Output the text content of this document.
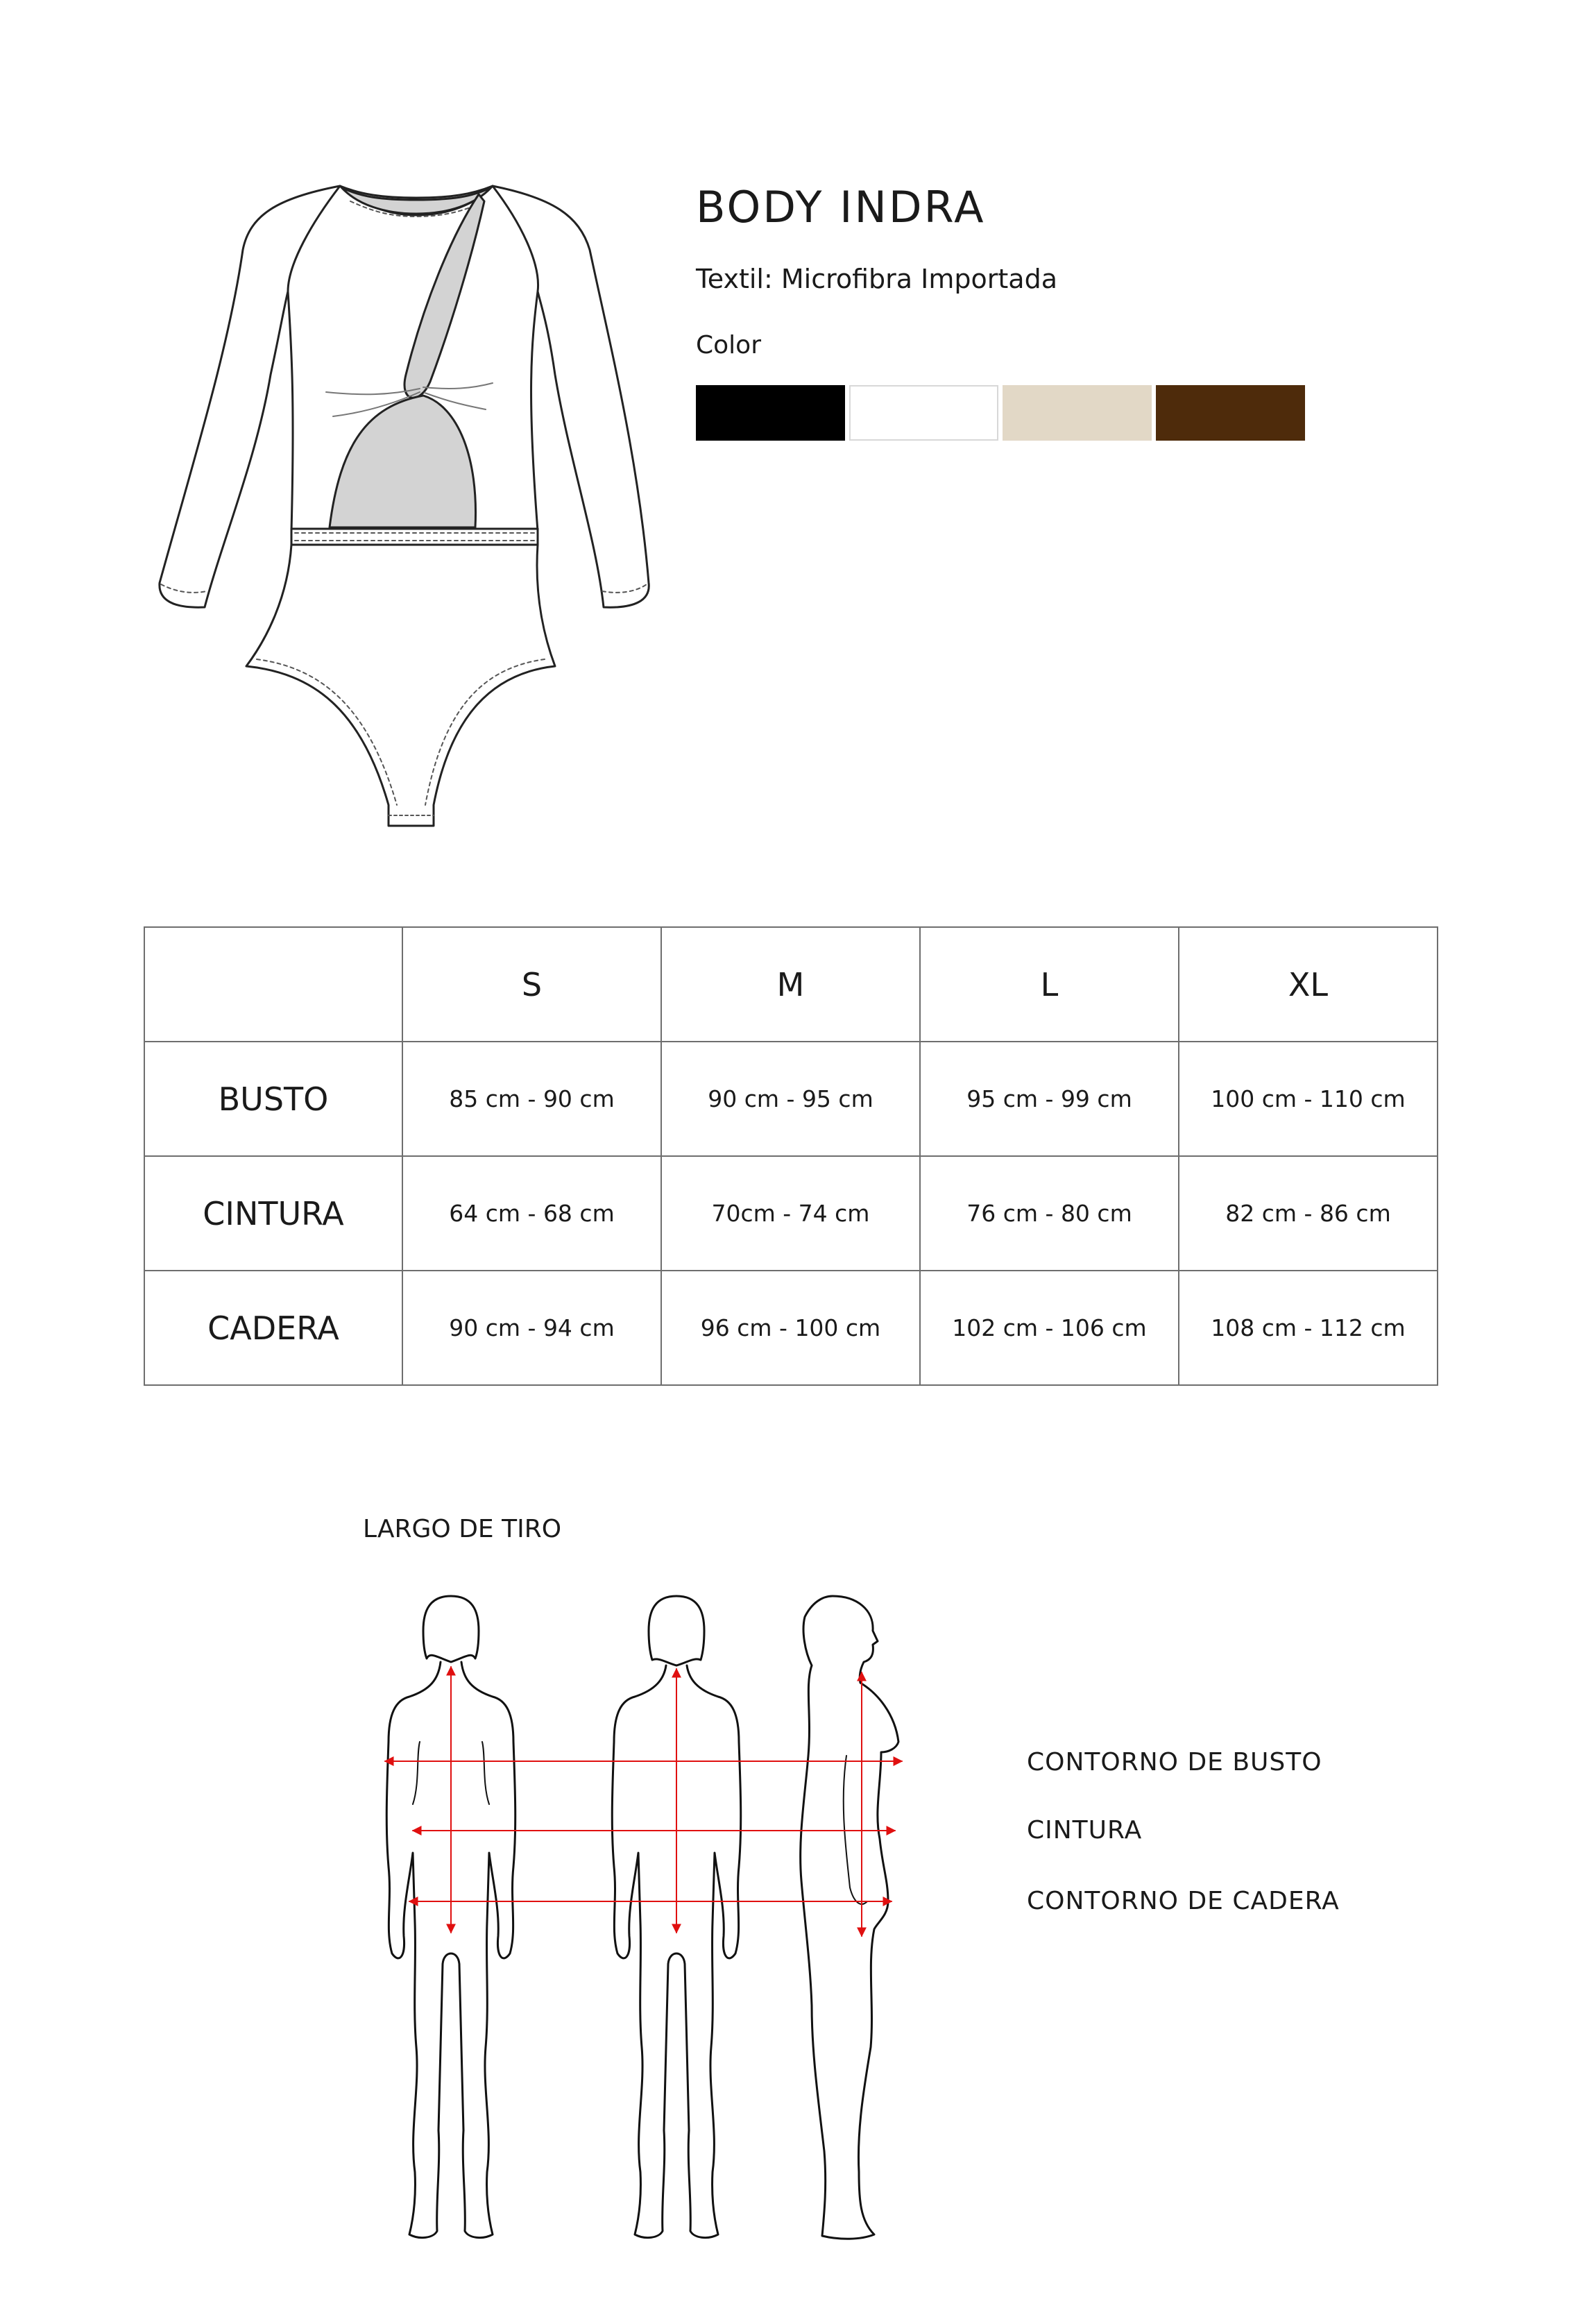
BODY INDRA
Textil: Microfibra Importada
Color
	S	M	L	XL
BUSTO	85 cm - 90 cm	90 cm - 95 cm	95 cm - 99 cm	100 cm - 110 cm
CINTURA	64 cm - 68 cm	70cm - 74 cm	76 cm - 80 cm	82 cm - 86 cm
CADERA	90 cm - 94 cm	96 cm - 100 cm	102 cm - 106 cm	108 cm - 112 cm
LARGO DE TIRO
CONTORNO DE BUSTO
CINTURA
CONTORNO DE CADERA
